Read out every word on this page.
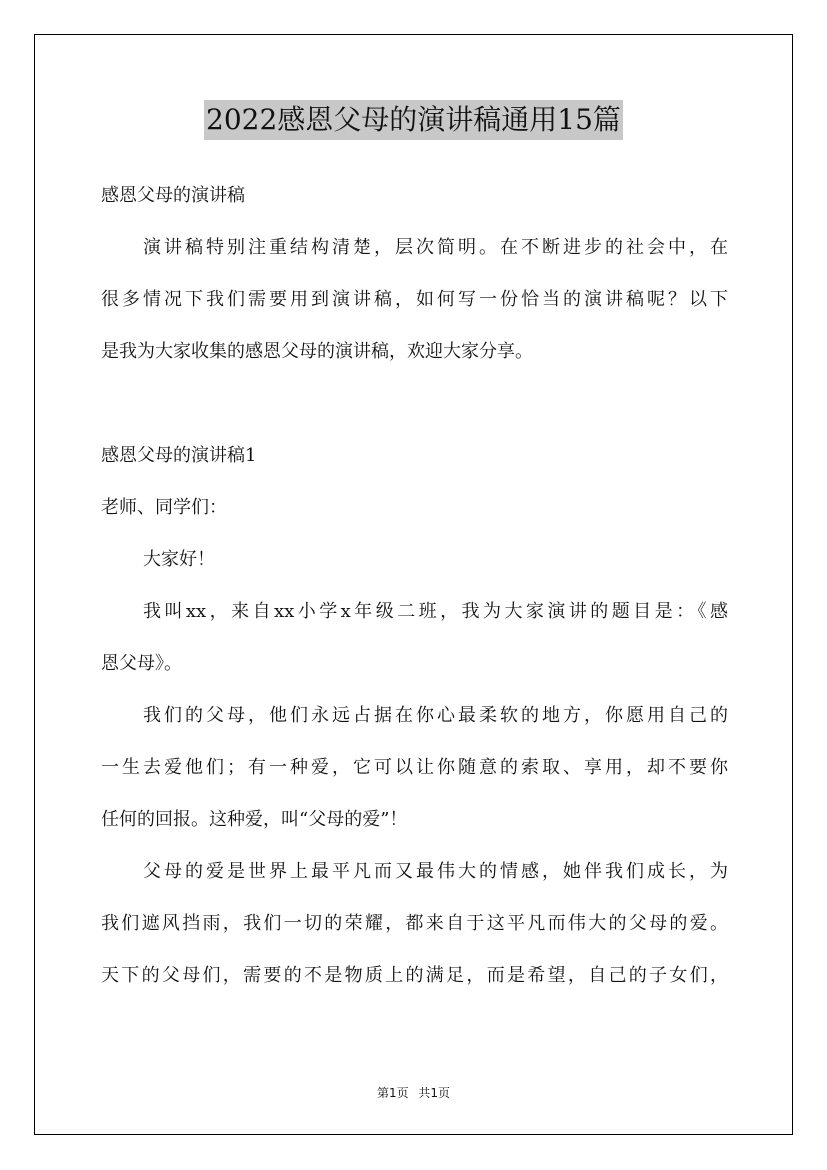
2022感恩父母的演讲稿通用15篇
感恩父母的演讲稿
演讲稿特别注重结构清楚，层次简明。在不断进步的社会中，在
很多情况下我们需要用到演讲稿，如何写一份恰当的演讲稿呢？以下
是我为大家收集的感恩父母的演讲稿，欢迎大家分享。
感恩父母的演讲稿1
老师、同学们：
大家好！
我叫xx，来自xx小学x年级二班，我为大家演讲的题目是：《感
恩父母》。
我们的父母，他们永远占据在你心最柔软的地方，你愿用自己的
一生去爱他们；有一种爱，它可以让你随意的索取、享用，却不要你
任何的回报。这种爱，叫“父母的爱”！
父母的爱是世界上最平凡而又最伟大的情感，她伴我们成长，为
我们遮风挡雨，我们一切的荣耀，都来自于这平凡而伟大的父母的爱。
天下的父母们，需要的不是物质上的满足，而是希望，自己的子女们，
第1页 共1页
